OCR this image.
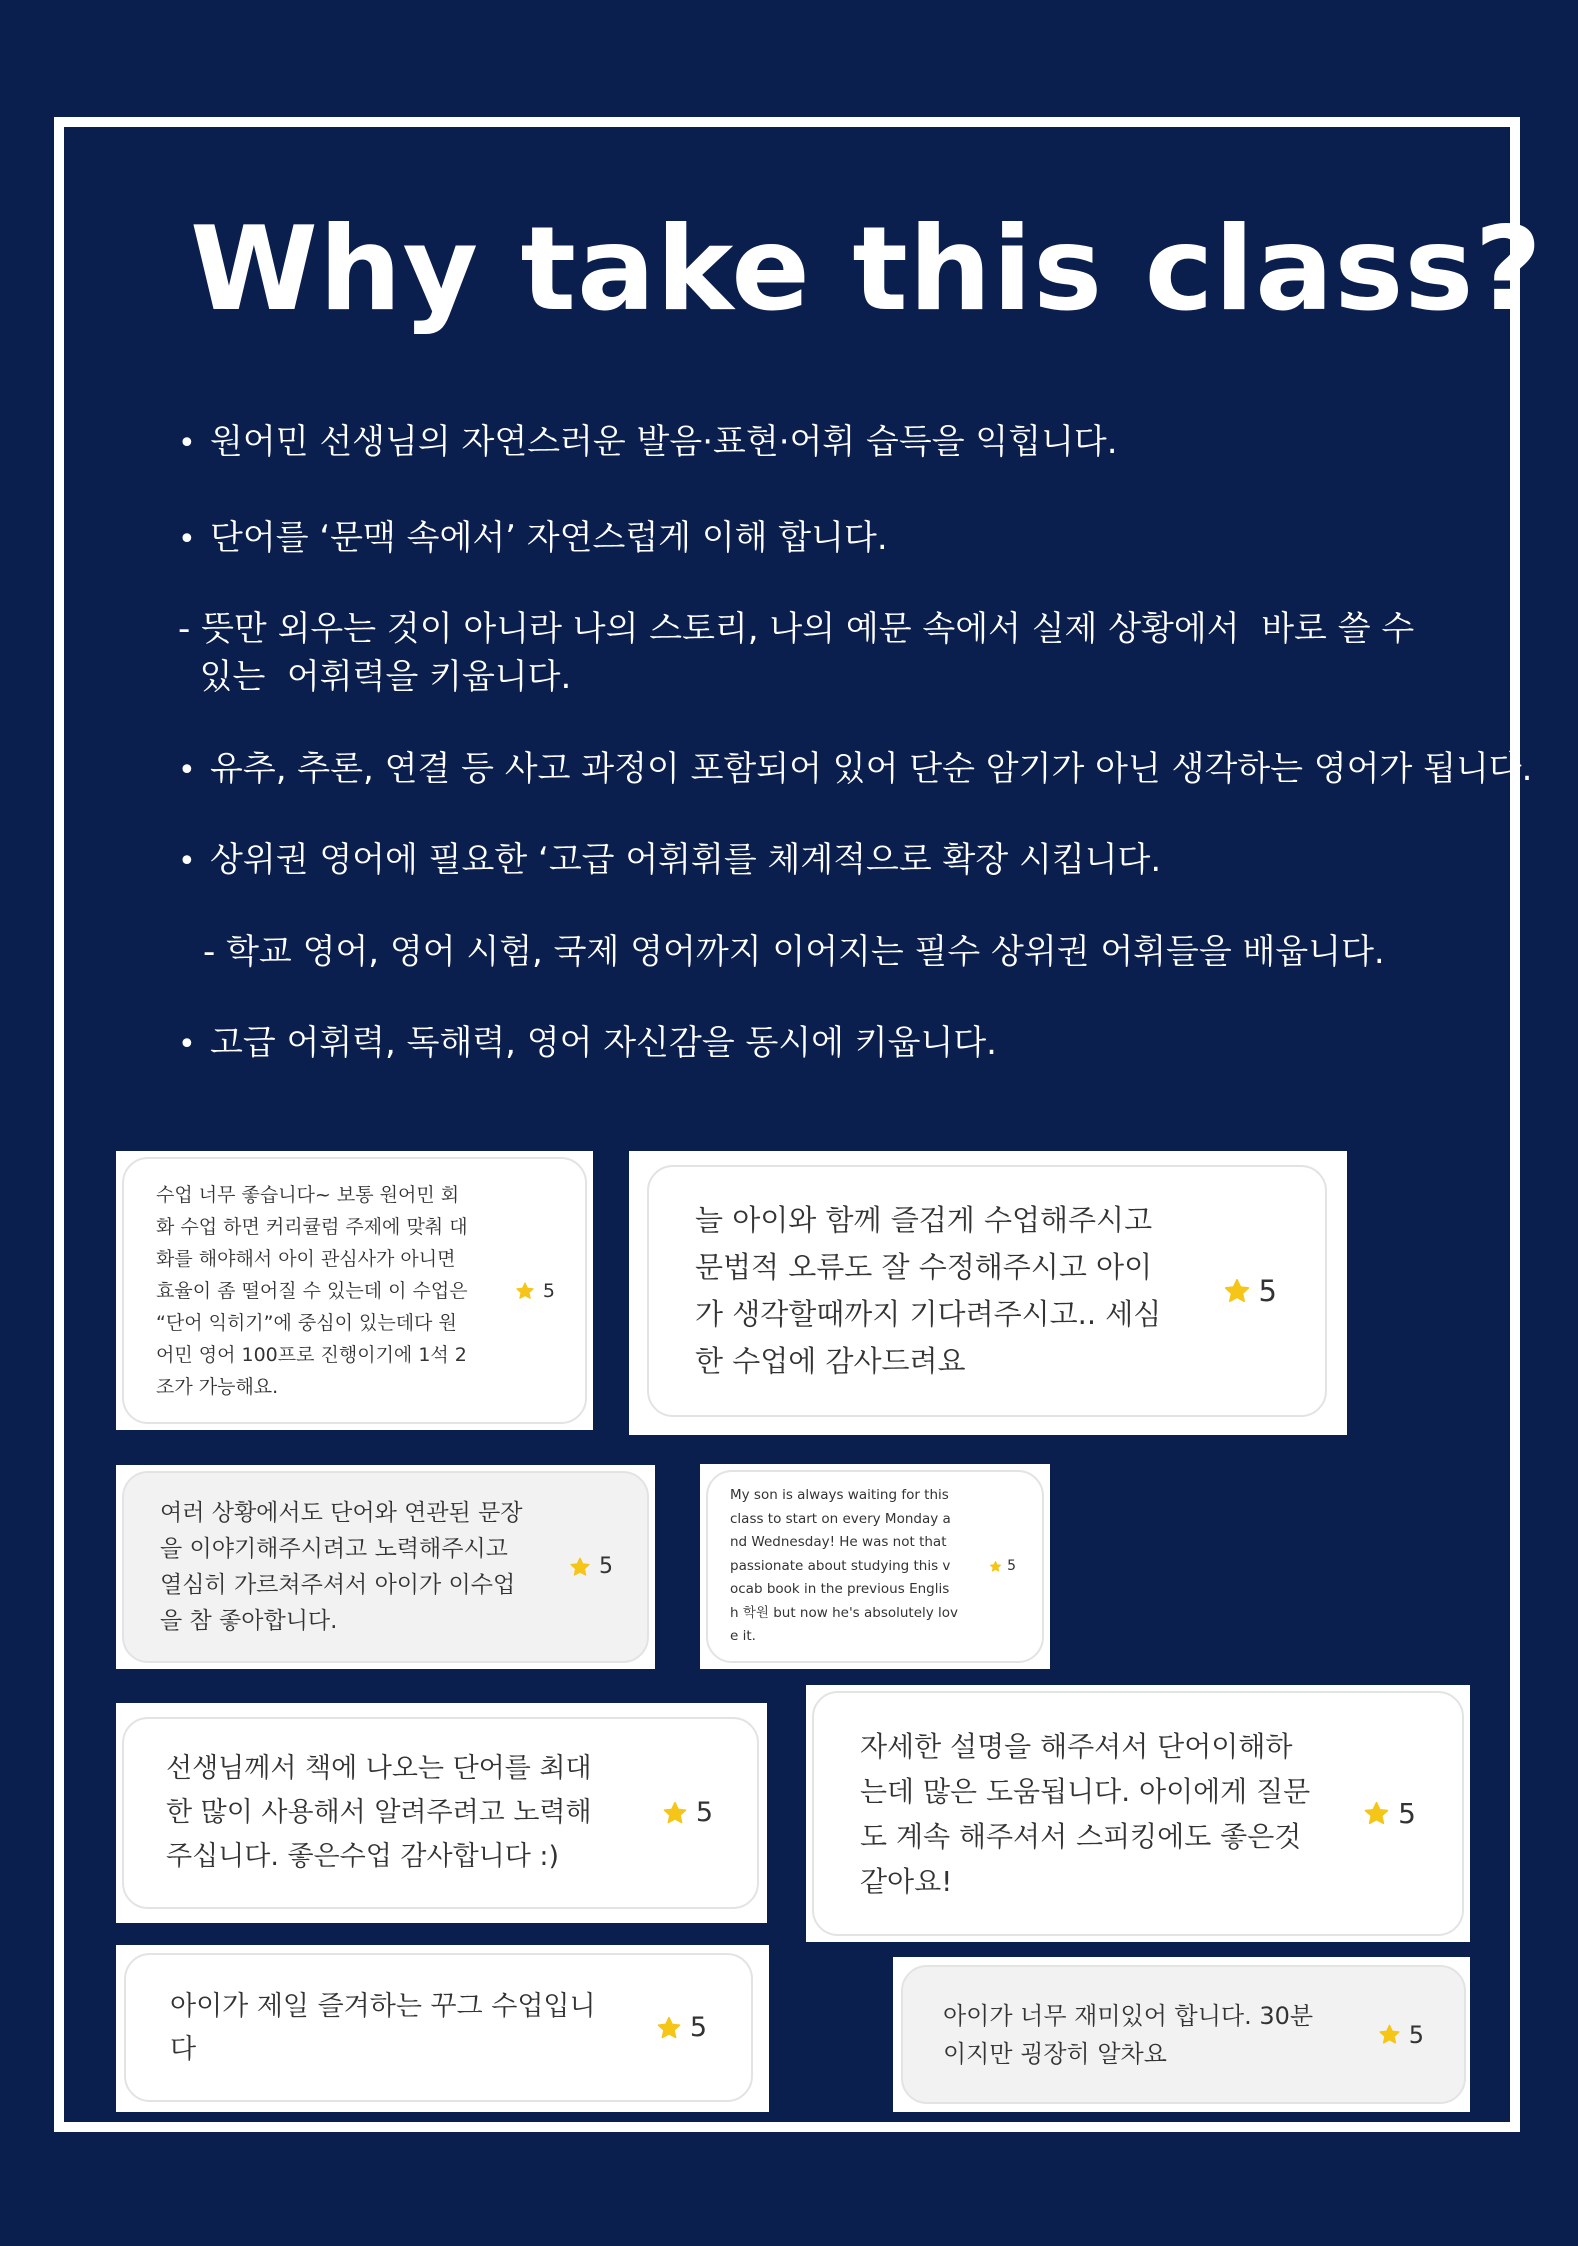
Why take this class?
• 원어민 선생님의 자연스러운 발음·표현·어휘 습득을 익힙니다.
• 단어를 ‘문맥 속에서’ 자연스럽게 이해 합니다.
- 뜻만 외우는 것이 아니라 나의 스토리, 나의 예문 속에서 실제 상황에서  바로 쓸 수
있는  어휘력을 키웁니다.
• 유추, 추론, 연결 등 사고 과정이 포함되어 있어 단순 암기가 아닌 생각하는 영어가 됩니다.
• 상위권 영어에 필요한 ‘고급 어휘휘를 체계적으로 확장 시킵니다.
- 학교 영어, 영어 시험, 국제 영어까지 이어지는 필수 상위권 어휘들을 배웁니다.
• 고급 어휘력, 독해력, 영어 자신감을 동시에 키웁니다.
수업 너무 좋습니다~ 보통 원어민 회
화 수업 하면 커리큘럼 주제에 맞춰 대
화를 해야해서 아이 관심사가 아니면
효율이 좀 떨어질 수 있는데 이 수업은
“단어 익히기”에 중심이 있는데다 원
어민 영어 100프로 진행이기에 1석 2
조가 가능해요.
5
늘 아이와 함께 즐겁게 수업해주시고
문법적 오류도 잘 수정해주시고 아이
가 생각할때까지 기다려주시고.. 세심
한 수업에 감사드려요
5
여러 상황에서도 단어와 연관된 문장
을 이야기해주시려고 노력해주시고
열심히 가르쳐주셔서 아이가 이수업
을 참 좋아합니다.
5
My son is always waiting for this
class to start on every Monday a
nd Wednesday! He was not that
passionate about studying this v
ocab book in the previous Englis
h 학원 but now he's absolutely lov
e it.
5
선생님께서 책에 나오는 단어를 최대
한 많이 사용해서 알려주려고 노력해
주십니다. 좋은수업 감사합니다 :)
5
자세한 설명을 해주셔서 단어이해하
는데 많은 도움됩니다. 아이에게 질문
도 계속 해주셔서 스피킹에도 좋은것
같아요!
5
아이가 제일 즐겨하는 꾸그 수업입니
다
5	아이가 너무 재미있어 합니다. 30분
이지만 굉장히 알차요
5
